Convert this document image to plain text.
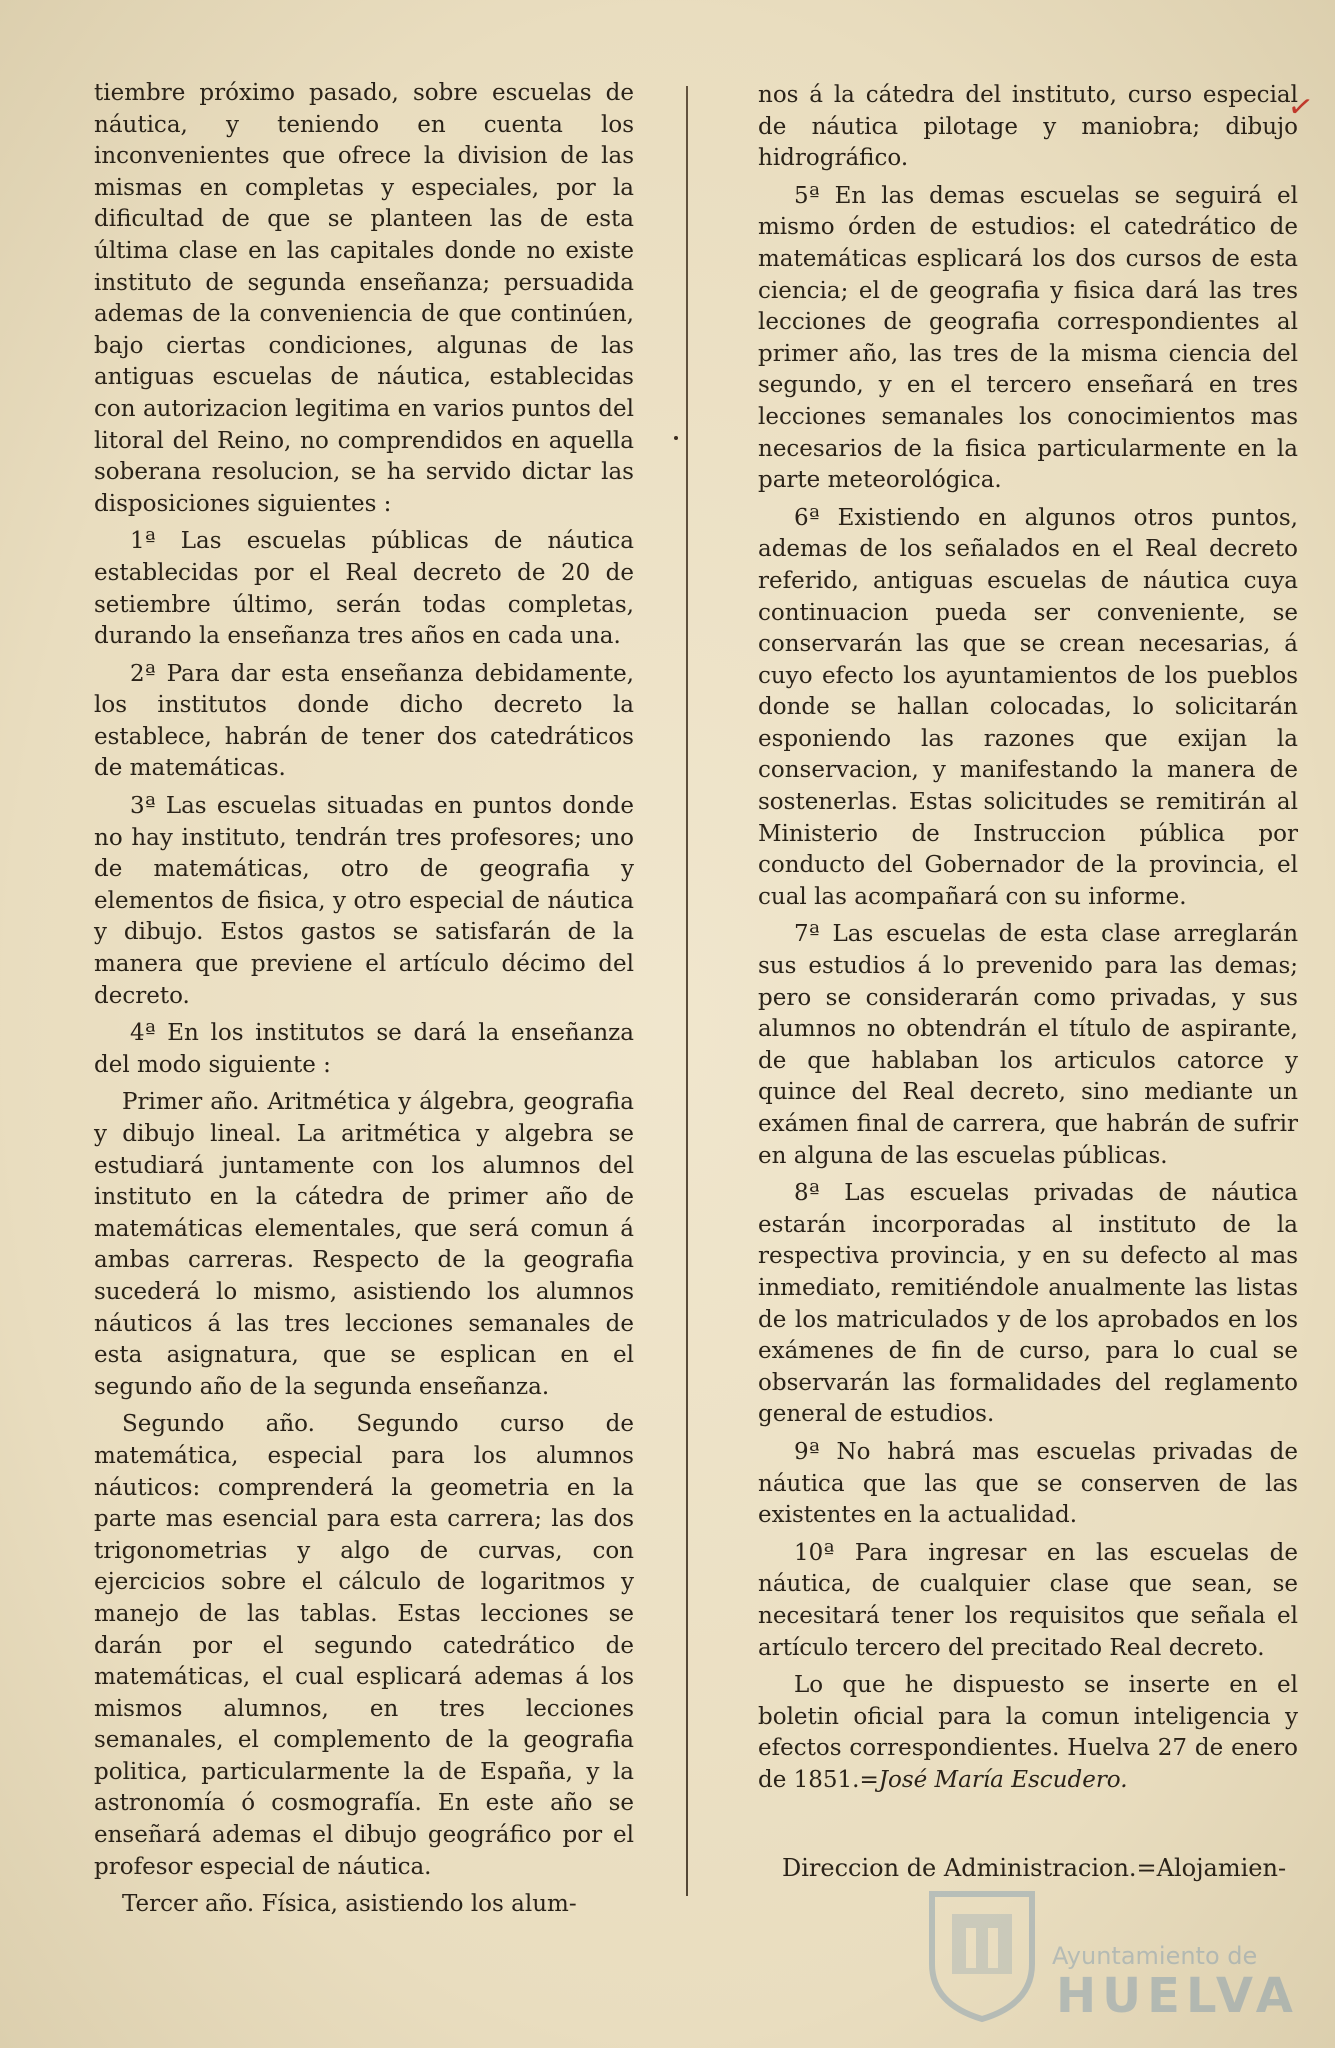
tiembre próximo pasado, sobre escuelas de náutica, y teniendo en cuenta los inconvenientes que ofrece la division de las mismas en completas y especiales, por la dificultad de que se planteen las de esta última clase en las capitales donde no existe instituto de segunda enseñanza; persuadida ademas de la conveniencia de que continúen, bajo ciertas condiciones, algunas de las antiguas escuelas de náutica, establecidas con autorizacion legitima en varios puntos del litoral del Reino, no comprendidos en aquella soberana resolucion, se ha servido dictar las disposiciones siguientes :

1ª Las escuelas públicas de náutica establecidas por el Real decreto de 20 de setiembre último, serán todas completas, durando la enseñanza tres años en cada una.

2ª Para dar esta enseñanza debidamente, los institutos donde dicho decreto la establece, habrán de tener dos catedráticos de matemáticas.

3ª Las escuelas situadas en puntos donde no hay instituto, tendrán tres profesores; uno de matemáticas, otro de geografia y elementos de fisica, y otro especial de náutica y dibujo. Estos gastos se satisfarán de la manera que previene el artículo décimo del decreto.

4ª En los institutos se dará la enseñanza del modo siguiente :

Primer año. Aritmética y álgebra, geografia y dibujo lineal. La aritmética y algebra se estudiará juntamente con los alumnos del instituto en la cátedra de primer año de matemáticas elementales, que será comun á ambas carreras. Respecto de la geografia sucederá lo mismo, asistiendo los alumnos náuticos á las tres lecciones semanales de esta asignatura, que se esplican en el segundo año de la segunda enseñanza.

Segundo año. Segundo curso de matemática, especial para los alumnos náuticos: comprenderá la geometria en la parte mas esencial para esta carrera; las dos trigonometrias y algo de curvas, con ejercicios sobre el cálculo de logaritmos y manejo de las tablas. Estas lecciones se darán por el segundo catedrático de matemáticas, el cual esplicará ademas á los mismos alumnos, en tres lecciones semanales, el complemento de la geografia politica, particularmente la de España, y la astronomía ó cosmografía. En este año se enseñará ademas el dibujo geográfico por el profesor especial de náutica.

Tercer año. Física, asistiendo los alum-

✓

nos á la cátedra del instituto, curso especial de náutica pilotage y maniobra; dibujo hidrográfico.

5ª En las demas escuelas se seguirá el mismo órden de estudios: el catedrático de matemáticas esplicará los dos cursos de esta ciencia; el de geografia y fisica dará las tres lecciones de geografia correspondientes al primer año, las tres de la misma ciencia del segundo, y en el tercero enseñará en tres lecciones semanales los conocimientos mas necesarios de la fisica particularmente en la parte meteorológica.

6ª Existiendo en algunos otros puntos, ademas de los señalados en el Real decreto referido, antiguas escuelas de náutica cuya continuacion pueda ser conveniente, se conservarán las que se crean necesarias, á cuyo efecto los ayuntamientos de los pueblos donde se hallan colocadas, lo solicitarán esponiendo las razones que exijan la conservacion, y manifestando la manera de sostenerlas. Estas solicitudes se remitirán al Ministerio de Instruccion pública por conducto del Gobernador de la provincia, el cual las acompañará con su informe.

7ª Las escuelas de esta clase arreglarán sus estudios á lo prevenido para las demas; pero se considerarán como privadas, y sus alumnos no obtendrán el título de aspirante, de que hablaban los articulos catorce y quince del Real decreto, sino mediante un exámen final de carrera, que habrán de sufrir en alguna de las escuelas públicas.

8ª Las escuelas privadas de náutica estarán incorporadas al instituto de la respectiva provincia, y en su defecto al mas inmediato, remitiéndole anualmente las listas de los matriculados y de los aprobados en los exámenes de fin de curso, para lo cual se observarán las formalidades del reglamento general de estudios.

9ª No habrá mas escuelas privadas de náutica que las que se conserven de las existentes en la actualidad.

10ª Para ingresar en las escuelas de náutica, de cualquier clase que sean, se necesitará tener los requisitos que señala el artículo tercero del precitado Real decreto.

Lo que he dispuesto se inserte en el boletin oficial para la comun inteligencia y efectos correspondientes. Huelva 27 de enero de 1851.=José María Escudero.

Direccion de Administracion.=Alojamien-
Ayuntamiento de
HUELVA
